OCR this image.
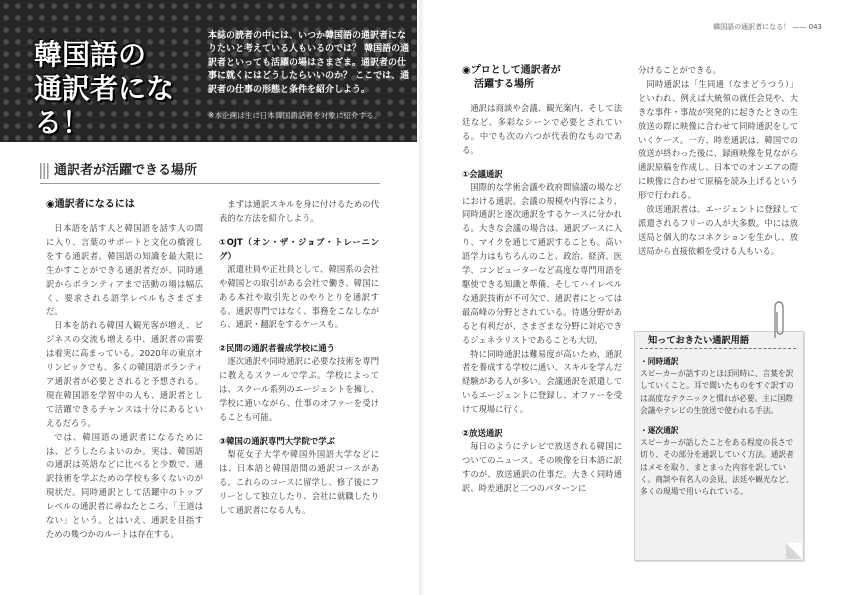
韓国語の
通訳者になる！
本誌の読者の中には、いつか韓国語の通訳者になりたいと考えている人もいるのでは？ 韓国語の通訳者といっても活躍の場はさまざま。通訳者の仕事に就くにはどうしたらいいのか？ ここでは、通訳者の仕事の形態と条件を紹介しよう。
※本企画は主に日本韓国語話者を対象に紹介する。
通訳者が活躍できる場所
◉通訳者になるには

日本語を話す人と韓国語を話す人の間に入り、言葉のサポートと文化の橋渡しをする通訳者。韓国語の知識を最大限に生かすことができる通訳者だが、同時通訳からボランティアまで活動の場は幅広く、要求される語学レベルもさまざまだ。

日本を訪れる韓国人観光客が増え、ビジネスの交流も増える中、通訳者の需要は着実に高まっている。2020年の東京オリンピックでも、多くの韓国語ボランティア通訳者が必要とされると予想される。現在韓国語を学習中の人も、通訳者として活躍できるチャンスは十分にあるといえるだろう。

では、韓国語の通訳者になるためには、どうしたらよいのか。実は、韓国語の通訳は英語などに比べると少数で、通訳技術を学ぶための学校も多くないのが現状だ。同時通訳として活躍中のトップレベルの通訳者に尋ねたところ、「王道はない」という。とはいえ、通訳を目指すための幾つかのルートは存在する。

まずは通訳スキルを身に付けるための代表的な方法を紹介しよう。

①OJT（オン・ザ・ジョブ・トレーニング）

派遣社員や正社員として、韓国系の会社や韓国との取引がある会社で働き、韓国にある本社や取引先とのやりとりを通訳する。通訳専門ではなく、事務をこなしながら、通訳・翻訳をするケースも。

②民間の通訳者養成学校に通う

逐次通訳や同時通訳に必要な技術を専門に教えるスクールで学ぶ。学校によっては、スクール系列のエージェントを擁し、学校に通いながら、仕事のオファーを受けることも可能。

③韓国の通訳専門大学院で学ぶ

梨花女子大学や韓国外国語大学などには、日本語と韓国語間の通訳コースがある。これらのコースに留学し、修了後にフリーとして独立したり、会社に就職したりして通訳者になる人も。

韓国語の通訳者になる！ —— 043
◉プロとして通訳者が
活躍する場所

通訳は商談や会議、観光案内、そして法廷など、多彩なシーンで必要とされている。中でも次の六つが代表的なものである。

①会議通訳

国際的な学術会議や政府間協議の場などにおける通訳。会議の規模や内容により、同時通訳と逐次通訳をするケースに分かれる。大きな会議の場合は、通訳ブースに入り、マイクを通じて通訳することも。高い語学力はもちろんのこと、政治、経済、医学、コンピューターなど高度な専門用語を駆使できる知識と準備、そしてハイレベルな通訳技術が不可欠で、通訳者にとっては最高峰の分野とされている。待遇分野があると有利だが、さまざまな分野に対応できるジェネラリストであることも大切。

特に同時通訳は難易度が高いため、通訳者を養成する学校に通い、スキルを学んだ経験がある人が多い。会議通訳を派遣しているエージェントに登録し、オファーを受けて現場に行く。

②放送通訳

毎日のようにテレビで放送される韓国についてのニュース。その映像を日本語に訳すのが、放送通訳の仕事だ。大きく同時通訳、時差通訳と二つのパターンに

分けることができる。

同時通訳は「生同通（なまどうつう）」といわれ、例えば大統領の就任会見や、大きな事件・事故が突発的に起きたときの生放送の際に映像に合わせて同時通訳をしていくケース。一方、時差通訳は、韓国での放送が終わった後に、録画映像を見ながら通訳原稿を作成し、日本でのオンエアの際に映像に合わせて原稿を読み上げるという形で行われる。

放送通訳者は、エージェントに登録して派遣されるフリーの人が大多数。中には放送局と個人的なコネクションを生かし、放送局から直接依頼を受ける人もいる。

知っておきたい通訳用語
・同時通訳
スピーカーが話すのとほぼ同時に、言葉を訳していくこと。耳で聞いたものをすぐ訳すのは高度なテクニックと慣れが必要。主に国際会議やテレビの生放送で使われる手法。
・逐次通訳
スピーカーが話したことをある程度の長さで切り、その部分を通訳していく方法。通訳者はメモを取り、まとまった内容を訳していく。商談や有名人の会見、法廷や観光など、多くの現場で用いられている。
